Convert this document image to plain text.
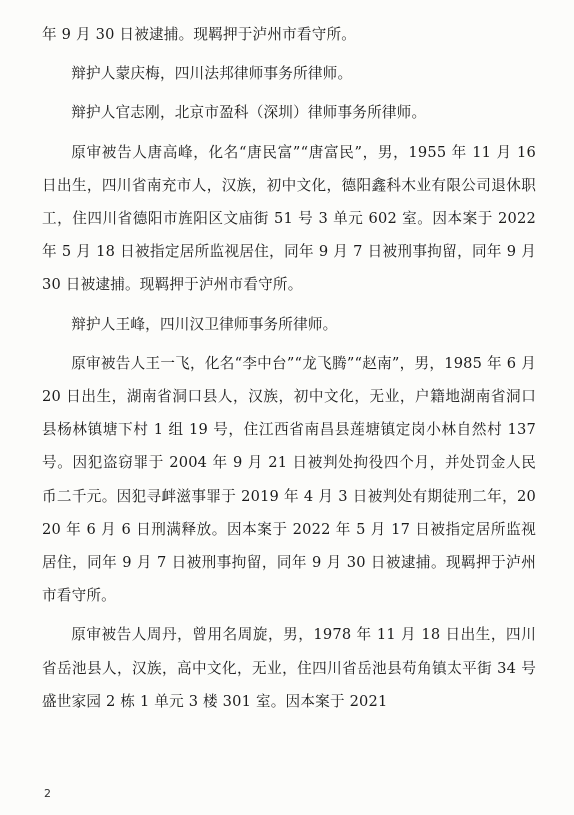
年 9 月 30 日被逮捕。现羁押于泸州市看守所。

辩护人蒙庆梅，四川法邦律师事务所律师。

辩护人官志刚，北京市盈科（深圳）律师事务所律师。

原审被告人唐高峰，化名“唐民富”“唐富民”，男，1955 年 11 月 16 日出生，四川省南充市人，汉族，初中文化，德阳鑫科木业有限公司退休职工，住四川省德阳市旌阳区文庙街 51 号 3 单元 602 室。因本案于 2022 年 5 月 18 日被指定居所监视居住，同年 9 月 7 日被刑事拘留，同年 9 月 30 日被逮捕。现羁押于泸州市看守所。

辩护人王峰，四川汉卫律师事务所律师。

原审被告人王一飞，化名“李中台”“龙飞腾”“赵南”，男，1985 年 6 月 20 日出生，湖南省洞口县人，汉族，初中文化，无业，户籍地湖南省洞口县杨林镇塘下村 1 组 19 号，住江西省南昌县莲塘镇定岗小林自然村 137 号。因犯盗窃罪于 2004 年 9 月 21 日被判处拘役四个月，并处罚金人民币二千元。因犯寻衅滋事罪于 2019 年 4 月 3 日被判处有期徒刑二年，2020 年 6 月 6 日刑满释放。因本案于 2022 年 5 月 17 日被指定居所监视居住，同年 9 月 7 日被刑事拘留，同年 9 月 30 日被逮捕。现羁押于泸州市看守所。

原审被告人周丹，曾用名周旋，男，1978 年 11 月 18 日出生，四川省岳池县人，汉族，高中文化，无业，住四川省岳池县苟角镇太平街 34 号盛世家园 2 栋 1 单元 3 楼 301 室。因本案于 2021

2
